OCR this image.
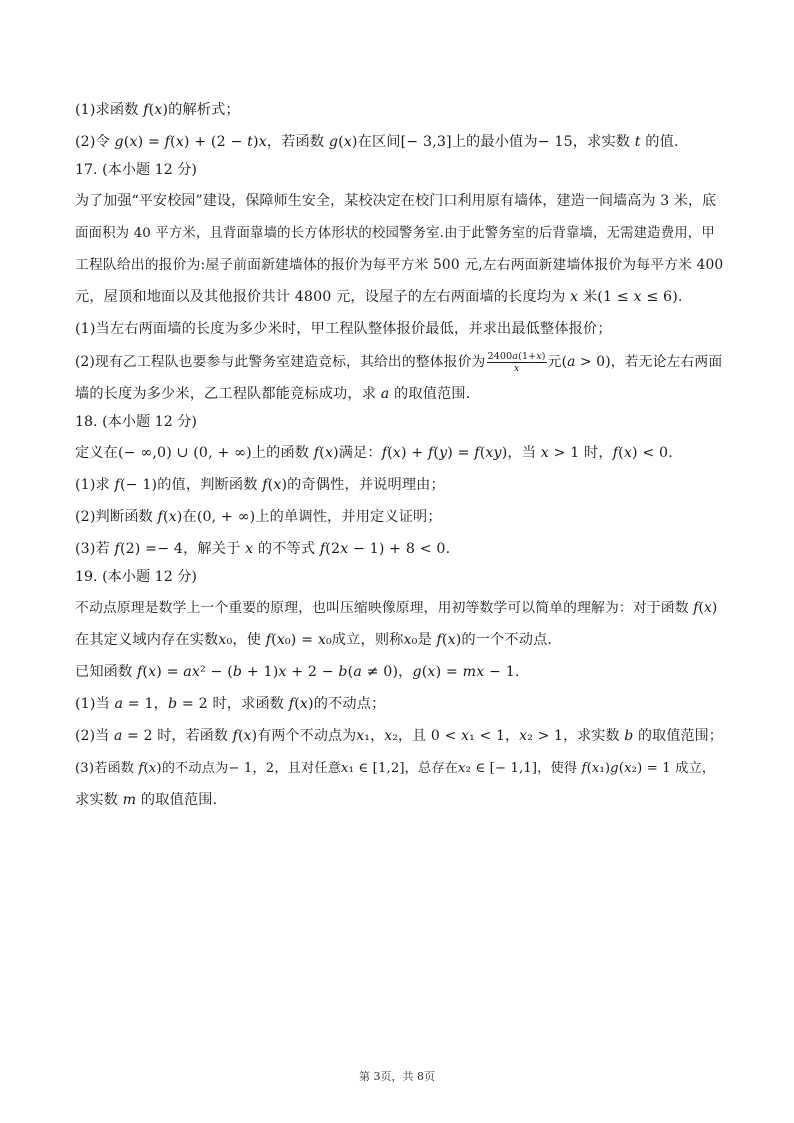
(1)求函数 𝑓(𝑥)的解析式；

(2)令 𝑔(𝑥) = 𝑓(𝑥) + (2 − 𝑡)𝑥，若函数 𝑔(𝑥)在区间[− 3,3]上的最小值为− 15，求实数 𝑡 的值.

17. (本小题 12 分)

为了加强“平安校园”建设，保障师生安全，某校决定在校门口利用原有墙体，建造一间墙高为 3 米，底

面面积为 40 平方米，且背面靠墙的长方体形状的校园警务室.由于此警务室的后背靠墙，无需建造费用，甲

工程队给出的报价为:屋子前面新建墙体的报价为每平方米 500 元,左右两面新建墙体报价为每平方米 400

元，屋顶和地面以及其他报价共计 4800 元，设屋子的左右两面墙的长度均为 𝑥 米(1 ≤ 𝑥 ≤ 6).

(1)当左右两面墙的长度为多少米时，甲工程队整体报价最低，并求出最低整体报价；

(2)现有乙工程队也要参与此警务室建造竞标，其给出的整体报价为 2400𝑎(1+𝑥)
𝑥 元(𝑎 > 0)，若无论左右两面

墙的长度为多少米，乙工程队都能竞标成功，求 𝑎 的取值范围.

18. (本小题 12 分)

定义在(− ∞,0) ∪ (0, + ∞)上的函数 𝑓(𝑥)满足：𝑓(𝑥) + 𝑓(𝑦) = 𝑓(𝑥𝑦)，当 𝑥 > 1 时，𝑓(𝑥) < 0.

(1)求 𝑓(− 1)的值，判断函数 𝑓(𝑥)的奇偶性，并说明理由；

(2)判断函数 𝑓(𝑥)在(0, + ∞)上的单调性，并用定义证明；

(3)若 𝑓(2) =− 4，解关于 𝑥 的不等式 𝑓(2𝑥 − 1) + 8 < 0.

19. (本小题 12 分)

不动点原理是数学上一个重要的原理，也叫压缩映像原理，用初等数学可以简单的理解为：对于函数 𝑓(𝑥)

在其定义域内存在实数𝑥₀，使 𝑓(𝑥₀) = 𝑥₀成立，则称𝑥₀是 𝑓(𝑥)的一个不动点.

已知函数 𝑓(𝑥) = 𝑎𝑥² − (𝑏 + 1)𝑥 + 2 − 𝑏(𝑎 ≠ 0)，𝑔(𝑥) = 𝑚𝑥 − 1.

(1)当 𝑎 = 1，𝑏 = 2 时，求函数 𝑓(𝑥)的不动点；

(2)当 𝑎 = 2 时，若函数 𝑓(𝑥)有两个不动点为𝑥₁，𝑥₂，且 0 < 𝑥₁ < 1，𝑥₂ > 1，求实数 𝑏 的取值范围；

(3)若函数 𝑓(𝑥)的不动点为− 1，2，且对任意𝑥₁ ∈ [1,2]，总存在𝑥₂ ∈ [− 1,1]，使得 𝑓(𝑥₁)𝑔(𝑥₂) = 1 成立，

求实数 𝑚 的取值范围.

第 3页，共 8页
